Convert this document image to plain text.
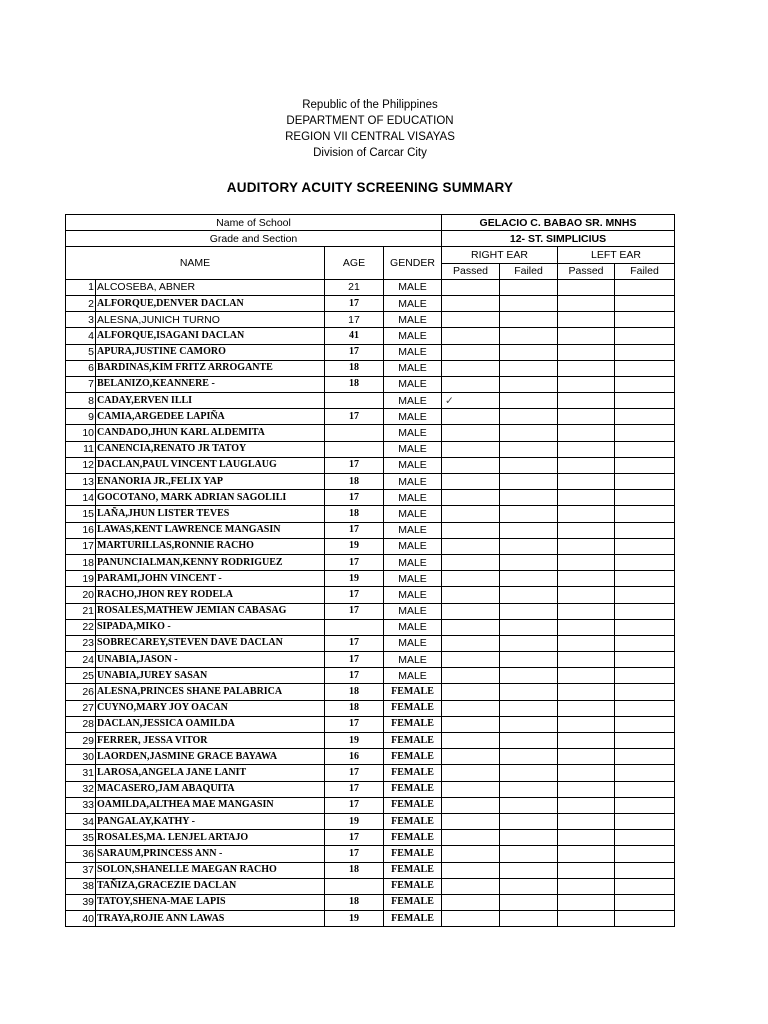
Republic of the Philippines
DEPARTMENT OF EDUCATION
REGION VII CENTRAL VISAYAS
Division of Carcar City
AUDITORY ACUITY SCREENING SUMMARY
Name of School				GELACIO C. BABAO SR. MNHS			
Grade and Section				12- ST. SIMPLICIUS			
NAME		AGE	GENDER	RIGHT EAR		LEFT EAR	
				Passed	Failed	Passed	Failed
1	ALCOSEBA, ABNER	21	MALE				
2	ALFORQUE,DENVER DACLAN	17	MALE				
3	ALESNA,JUNICH TURNO	17	MALE				
4	ALFORQUE,ISAGANI DACLAN	41	MALE				
5	APURA,JUSTINE CAMORO	17	MALE				
6	BARDINAS,KIM FRITZ ARROGANTE	18	MALE				
7	BELANIZO,KEANNERE -	18	MALE				
8	CADAY,ERVEN ILLI		MALE	✓			
9	CAMIA,ARGEDEE LAPIÑA	17	MALE				
10	CANDADO,JHUN KARL ALDEMITA		MALE				
11	CANENCIA,RENATO JR TATOY		MALE				
12	DACLAN,PAUL VINCENT LAUGLAUG	17	MALE				
13	ENANORIA JR.,FELIX YAP	18	MALE				
14	GOCOTANO, MARK ADRIAN SAGOLILI	17	MALE				
15	LAÑA,JHUN LISTER TEVES	18	MALE				
16	LAWAS,KENT LAWRENCE MANGASIN	17	MALE				
17	MARTURILLAS,RONNIE RACHO	19	MALE				
18	PANUNCIALMAN,KENNY RODRIGUEZ	17	MALE				
19	PARAMI,JOHN VINCENT -	19	MALE				
20	RACHO,JHON REY RODELA	17	MALE				
21	ROSALES,MATHEW JEMIAN CABASAG	17	MALE				
22	SIPADA,MIKO -		MALE				
23	SOBRECAREY,STEVEN DAVE DACLAN	17	MALE				
24	UNABIA,JASON -	17	MALE				
25	UNABIA,JUREY SASAN	17	MALE				
26	ALESNA,PRINCES SHANE PALABRICA	18	FEMALE				
27	CUYNO,MARY JOY OACAN	18	FEMALE				
28	DACLAN,JESSICA OAMILDA	17	FEMALE				
29	FERRER, JESSA VITOR	19	FEMALE				
30	LAORDEN,JASMINE GRACE BAYAWA	16	FEMALE				
31	LAROSA,ANGELA JANE LANIT	17	FEMALE				
32	MACASERO,JAM ABAQUITA	17	FEMALE				
33	OAMILDA,ALTHEA MAE MANGASIN	17	FEMALE				
34	PANGALAY,KATHY -	19	FEMALE				
35	ROSALES,MA. LENJEL ARTAJO	17	FEMALE				
36	SARAUM,PRINCESS ANN -	17	FEMALE				
37	SOLON,SHANELLE MAEGAN RACHO	18	FEMALE				
38	TAÑIZA,GRACEZIE DACLAN		FEMALE				
39	TATOY,SHENA-MAE LAPIS	18	FEMALE				
40	TRAYA,ROJIE ANN LAWAS	19	FEMALE				
